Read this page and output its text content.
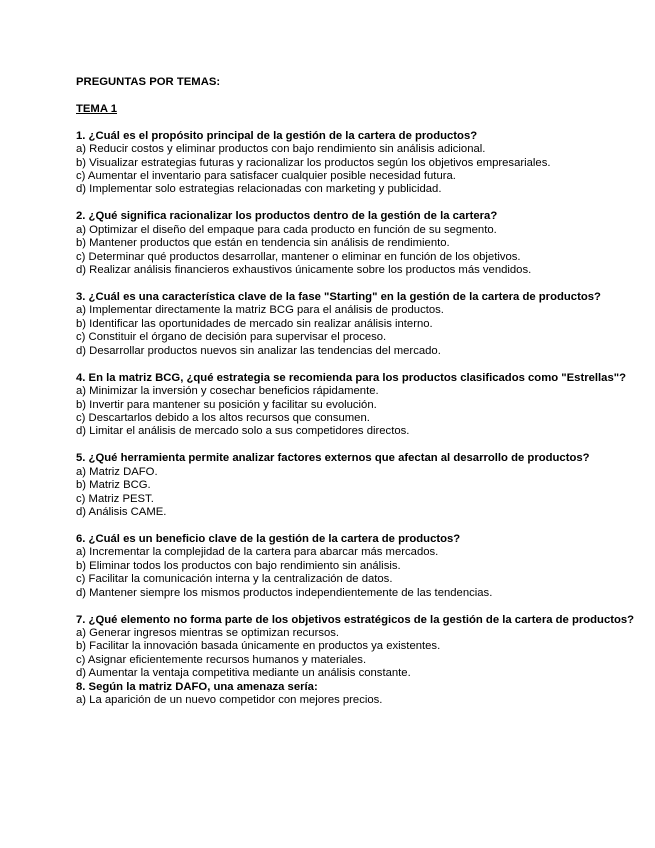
PREGUNTAS POR TEMAS:
TEMA 1
1. ¿Cuál es el propósito principal de la gestión de la cartera de productos?
a) Reducir costos y eliminar productos con bajo rendimiento sin análisis adicional.
b) Visualizar estrategias futuras y racionalizar los productos según los objetivos empresariales.
c) Aumentar el inventario para satisfacer cualquier posible necesidad futura.
d) Implementar solo estrategias relacionadas con marketing y publicidad.
2. ¿Qué significa racionalizar los productos dentro de la gestión de la cartera?
a) Optimizar el diseño del empaque para cada producto en función de su segmento.
b) Mantener productos que están en tendencia sin análisis de rendimiento.
c) Determinar qué productos desarrollar, mantener o eliminar en función de los objetivos.
d) Realizar análisis financieros exhaustivos únicamente sobre los productos más vendidos.
3. ¿Cuál es una característica clave de la fase "Starting" en la gestión de la cartera de productos?
a) Implementar directamente la matriz BCG para el análisis de productos.
b) Identificar las oportunidades de mercado sin realizar análisis interno.
c) Constituir el órgano de decisión para supervisar el proceso.
d) Desarrollar productos nuevos sin analizar las tendencias del mercado.
4. En la matriz BCG, ¿qué estrategia se recomienda para los productos clasificados como "Estrellas"?
a) Minimizar la inversión y cosechar beneficios rápidamente.
b) Invertir para mantener su posición y facilitar su evolución.
c) Descartarlos debido a los altos recursos que consumen.
d) Limitar el análisis de mercado solo a sus competidores directos.
5. ¿Qué herramienta permite analizar factores externos que afectan al desarrollo de productos?
a) Matriz DAFO.
b) Matriz BCG.
c) Matriz PEST.
d) Análisis CAME.
6. ¿Cuál es un beneficio clave de la gestión de la cartera de productos?
a) Incrementar la complejidad de la cartera para abarcar más mercados.
b) Eliminar todos los productos con bajo rendimiento sin análisis.
c) Facilitar la comunicación interna y la centralización de datos.
d) Mantener siempre los mismos productos independientemente de las tendencias.
7. ¿Qué elemento no forma parte de los objetivos estratégicos de la gestión de la cartera de productos?
a) Generar ingresos mientras se optimizan recursos.
b) Facilitar la innovación basada únicamente en productos ya existentes.
c) Asignar eficientemente recursos humanos y materiales.
d) Aumentar la ventaja competitiva mediante un análisis constante.
8. Según la matriz DAFO, una amenaza sería:
a) La aparición de un nuevo competidor con mejores precios.
